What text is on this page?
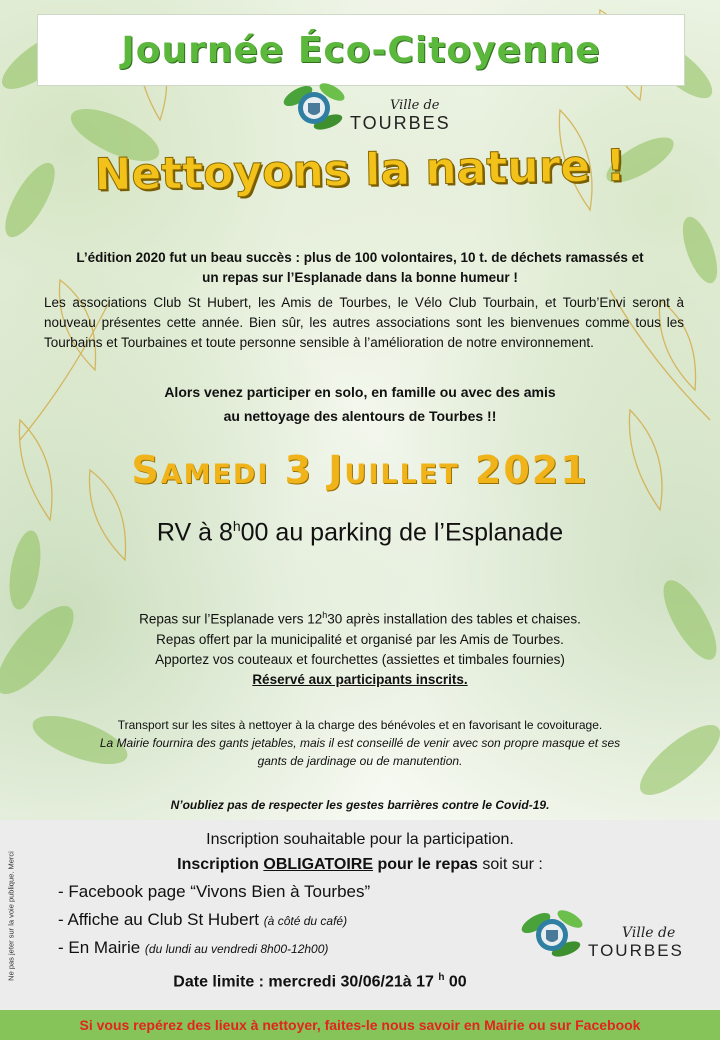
Journée Éco-Citoyenne
Ville de
TOURBES
Nettoyons la nature !
L’édition 2020 fut un beau succès : plus de 100 volontaires, 10 t. de déchets ramassés et
un repas sur l’Esplanade dans la bonne humeur !
Les associations Club St Hubert, les Amis de Tourbes, le Vélo Club Tourbain, et Tourb’Envi seront à nouveau présentes cette année. Bien sûr, les autres associations sont les bienvenues comme tous les Tourbains et Tourbaines et toute personne sensible à l’amélioration de notre environnement.
Alors venez participer en solo, en famille ou avec des amis
au nettoyage des alentours de Tourbes !!
Samedi 3 Juillet 2021
RV à 8$^h$00 au parking de l’Esplanade
Repas sur l’Esplanade vers 12$^h$30 après installation des tables et chaises.
Repas offert par la municipalité et organisé par les Amis de Tourbes.
Apportez vos couteaux et fourchettes (assiettes et timbales fournies)
Réservé aux participants inscrits.
Transport sur les sites à nettoyer à la charge des bénévoles et en favorisant le covoiturage.
La Mairie fournira des gants jetables, mais il est conseillé de venir avec son propre masque et ses
gants de jardinage ou de manutention.
N’oubliez pas de respecter les gestes barrières contre le Covid-19.
Ne pas jeter sur la voie publique. Merci
Inscription souhaitable pour la participation.
Inscription OBLIGATOIRE pour le repas soit sur :
- Facebook page “Vivons Bien à Tourbes”
- Affiche au Club St Hubert (à côté du café)
- En Mairie (du lundi au vendredi 8h00-12h00)
Date limite : mercredi 30/06/21à 17 $^h$ 00
Ville de
TOURBES
Si vous repérez des lieux à nettoyer, faites-le nous savoir en Mairie ou sur Facebook
